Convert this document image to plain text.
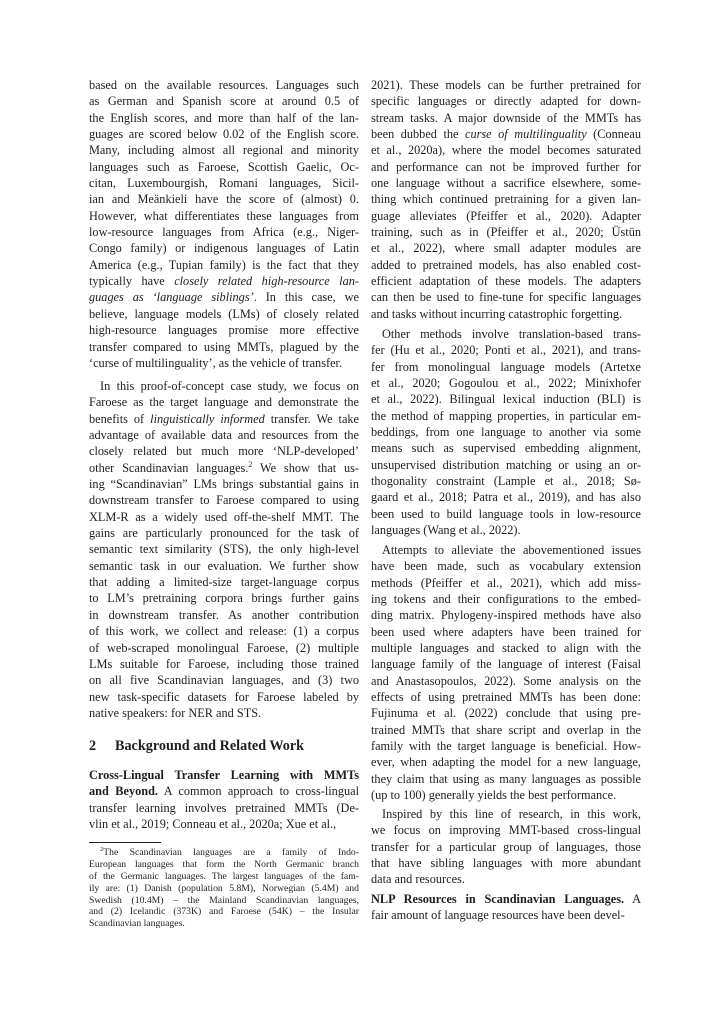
2 Background and Related Work
based on the available resources. Languages such
as German and Spanish score at around 0.5 of
the English scores, and more than half of the lan-
guages are scored below 0.02 of the English score.
Many, including almost all regional and minority
languages such as Faroese, Scottish Gaelic, Oc-
citan, Luxembourgish, Romani languages, Sicil-
ian and Meänkieli have the score of (almost) 0.
However, what differentiates these languages from
low-resource languages from Africa (e.g., Niger-
Congo family) or indigenous languages of Latin
America (e.g., Tupian family) is the fact that they
typically have closely related high-resource lan-
guages as ‘language siblings’. In this case, we
believe, language models (LMs) of closely related
high-resource languages promise more effective
transfer compared to using MMTs, plagued by the
‘curse of multilinguality’, as the vehicle of transfer.
In this proof-of-concept case study, we focus on
Faroese as the target language and demonstrate the
benefits of linguistically informed transfer. We take
advantage of available data and resources from the
closely related but much more ‘NLP-developed’
other Scandinavian languages.$^2$ We show that us-
ing “Scandinavian” LMs brings substantial gains in
downstream transfer to Faroese compared to using
XLM-R as a widely used off-the-shelf MMT. The
gains are particularly pronounced for the task of
semantic text similarity (STS), the only high-level
semantic task in our evaluation. We further show
that adding a limited-size target-language corpus
to LM’s pretraining corpora brings further gains
in downstream transfer. As another contribution
of this work, we collect and release: (1) a corpus
of web-scraped monolingual Faroese, (2) multiple
LMs suitable for Faroese, including those trained
on all five Scandinavian languages, and (3) two
new task-specific datasets for Faroese labeled by
native speakers: for NER and STS.
Cross-Lingual Transfer Learning with MMTs
and Beyond. A common approach to cross-lingual
transfer learning involves pretrained MMTs (De-
vlin et al., 2019; Conneau et al., 2020a; Xue et al.,
$^2$The Scandinavian languages are a family of Indo-
European languages that form the North Germanic branch
of the Germanic languages. The largest languages of the fam-
ily are: (1) Danish (population 5.8M), Norwegian (5.4M) and
Swedish (10.4M) – the Mainland Scandinavian languages,
and (2) Icelandic (373K) and Faroese (54K) – the Insular
Scandinavian languages.
2021). These models can be further pretrained for
specific languages or directly adapted for down-
stream tasks. A major downside of the MMTs has
been dubbed the curse of multilinguality (Conneau
et al., 2020a), where the model becomes saturated
and performance can not be improved further for
one language without a sacrifice elsewhere, some-
thing which continued pretraining for a given lan-
guage alleviates (Pfeiffer et al., 2020). Adapter
training, such as in (Pfeiffer et al., 2020; Üstün
et al., 2022), where small adapter modules are
added to pretrained models, has also enabled cost-
efficient adaptation of these models. The adapters
can then be used to fine-tune for specific languages
and tasks without incurring catastrophic forgetting.
Other methods involve translation-based trans-
fer (Hu et al., 2020; Ponti et al., 2021), and trans-
fer from monolingual language models (Artetxe
et al., 2020; Gogoulou et al., 2022; Minixhofer
et al., 2022). Bilingual lexical induction (BLI) is
the method of mapping properties, in particular em-
beddings, from one language to another via some
means such as supervised embedding alignment,
unsupervised distribution matching or using an or-
thogonality constraint (Lample et al., 2018; Sø-
gaard et al., 2018; Patra et al., 2019), and has also
been used to build language tools in low-resource
languages (Wang et al., 2022).
Attempts to alleviate the abovementioned issues
have been made, such as vocabulary extension
methods (Pfeiffer et al., 2021), which add miss-
ing tokens and their configurations to the embed-
ding matrix. Phylogeny-inspired methods have also
been used where adapters have been trained for
multiple languages and stacked to align with the
language family of the language of interest (Faisal
and Anastasopoulos, 2022). Some analysis on the
effects of using pretrained MMTs has been done:
Fujinuma et al. (2022) conclude that using pre-
trained MMTs that share script and overlap in the
family with the target language is beneficial. How-
ever, when adapting the model for a new language,
they claim that using as many languages as possible
(up to 100) generally yields the best performance.
Inspired by this line of research, in this work,
we focus on improving MMT-based cross-lingual
transfer for a particular group of languages, those
that have sibling languages with more abundant
data and resources.
NLP Resources in Scandinavian Languages. A
fair amount of language resources have been devel-
